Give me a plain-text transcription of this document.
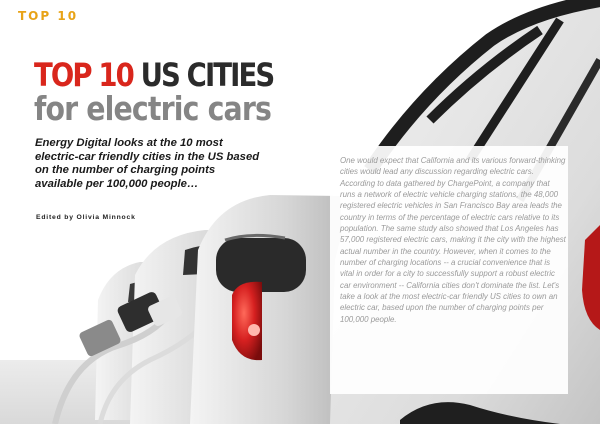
TOP 10
TOP 10 US CITIES
for electric cars

Energy Digital looks at the 10 most electric-car friendly cities in the US based on the number of charging points available per 100,000 people…

Edited by Olivia Minnock

One would expect that California and its various forward-thinking cities would lead any discussion regarding electric cars. According to data gathered by ChargePoint, a company that runs a network of electric vehicle charging stations, the 48,000 registered electric vehicles in San Francisco Bay area leads the country in terms of the percentage of electric cars relative to its population. The same study also showed that Los Angeles has 57,000 registered electric cars, making it the city with the highest actual number in the country. However, when it comes to the number of charging locations -- a crucial convenience that is vital in order for a city to successfully support a robust electric car environment -- California cities don't dominate the list. Let's take a look at the most electric-car friendly US cities to own an electric car, based upon the number of charging points per 100,000 people.
